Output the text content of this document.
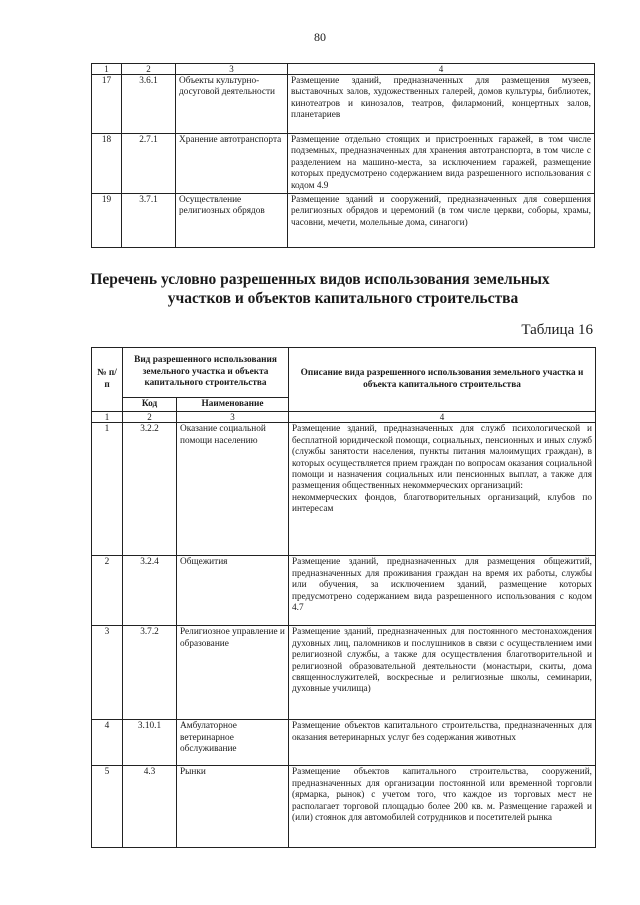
80
1	2	3	4
17	3.6.1	Объекты культурно-досуговой деятельности	Размещение зданий, предназначенных для размещения музеев, выставочных залов, художественных галерей, домов культуры, библиотек, кинотеатров и кинозалов, театров, филармоний, концертных залов, планетариев
18	2.7.1	Хранение автотранспорта	Размещение отдельно стоящих и пристроенных гаражей, в том числе подземных, предназначенных для хранения автотранспорта, в том числе с разделением на машино-места, за исключением гаражей, размещение которых предусмотрено содержанием вида разрешенного использования с кодом 4.9
19	3.7.1	Осуществление религиозных обрядов	Размещение зданий и сооружений, предназначенных для совершения религиозных обрядов и церемоний (в том числе церкви, соборы, храмы, часовни, мечети, молельные дома, синагоги)
Перечень условно разрешенных видов использования земельных
участков и объектов капитального строительства
Таблица 16
№ п/п	Вид разрешенного использования земельного участка и объекта капитального строительства		Описание вида разрешенного использования земельного участка и объекта капитального строительства
	Код	Наименование	
1	2	3	4
1	3.2.2	Оказание социальной помощи населению	Размещение зданий, предназначенных для служб психологической и бесплатной юридической помощи, социальных, пенсионных и иных служб (службы занятости населения, пункты питания малоимущих граждан), в которых осуществляется прием граждан по вопросам оказания социальной помощи и назначения социальных или пенсионных выплат, а также для размещения общественных некоммерческих организаций:
некоммерческих фондов, благотворительных организаций, клубов по интересам

2	3.2.4	Общежития	Размещение зданий, предназначенных для размещения общежитий, предназначенных для проживания граждан на время их работы, службы или обучения, за исключением зданий, размещение которых предусмотрено содержанием вида разрешенного использования с кодом 4.7

3	3.7.2	Религиозное управление и образование	Размещение зданий, предназначенных для постоянного местонахождения духовных лиц, паломников и послушников в связи с осуществлением ими религиозной службы, а также для осуществления благотворительной и религиозной образовательной деятельности (монастыри, скиты, дома священнослужителей, воскресные и религиозные школы, семинарии, духовные училища)

4	3.10.1	Амбулаторное ветеринарное обслуживание	Размещение объектов капитального строительства, предназначенных для оказания ветеринарных услуг без содержания животных

5	4.3	Рынки	Размещение объектов капитального строительства, сооружений, предназначенных для организации постоянной или временной торговли (ярмарка, рынок) с учетом того, что каждое из торговых мест не располагает торговой площадью более 200 кв. м. Размещение гаражей и (или) стоянок для автомобилей сотрудников и посетителей рынка
